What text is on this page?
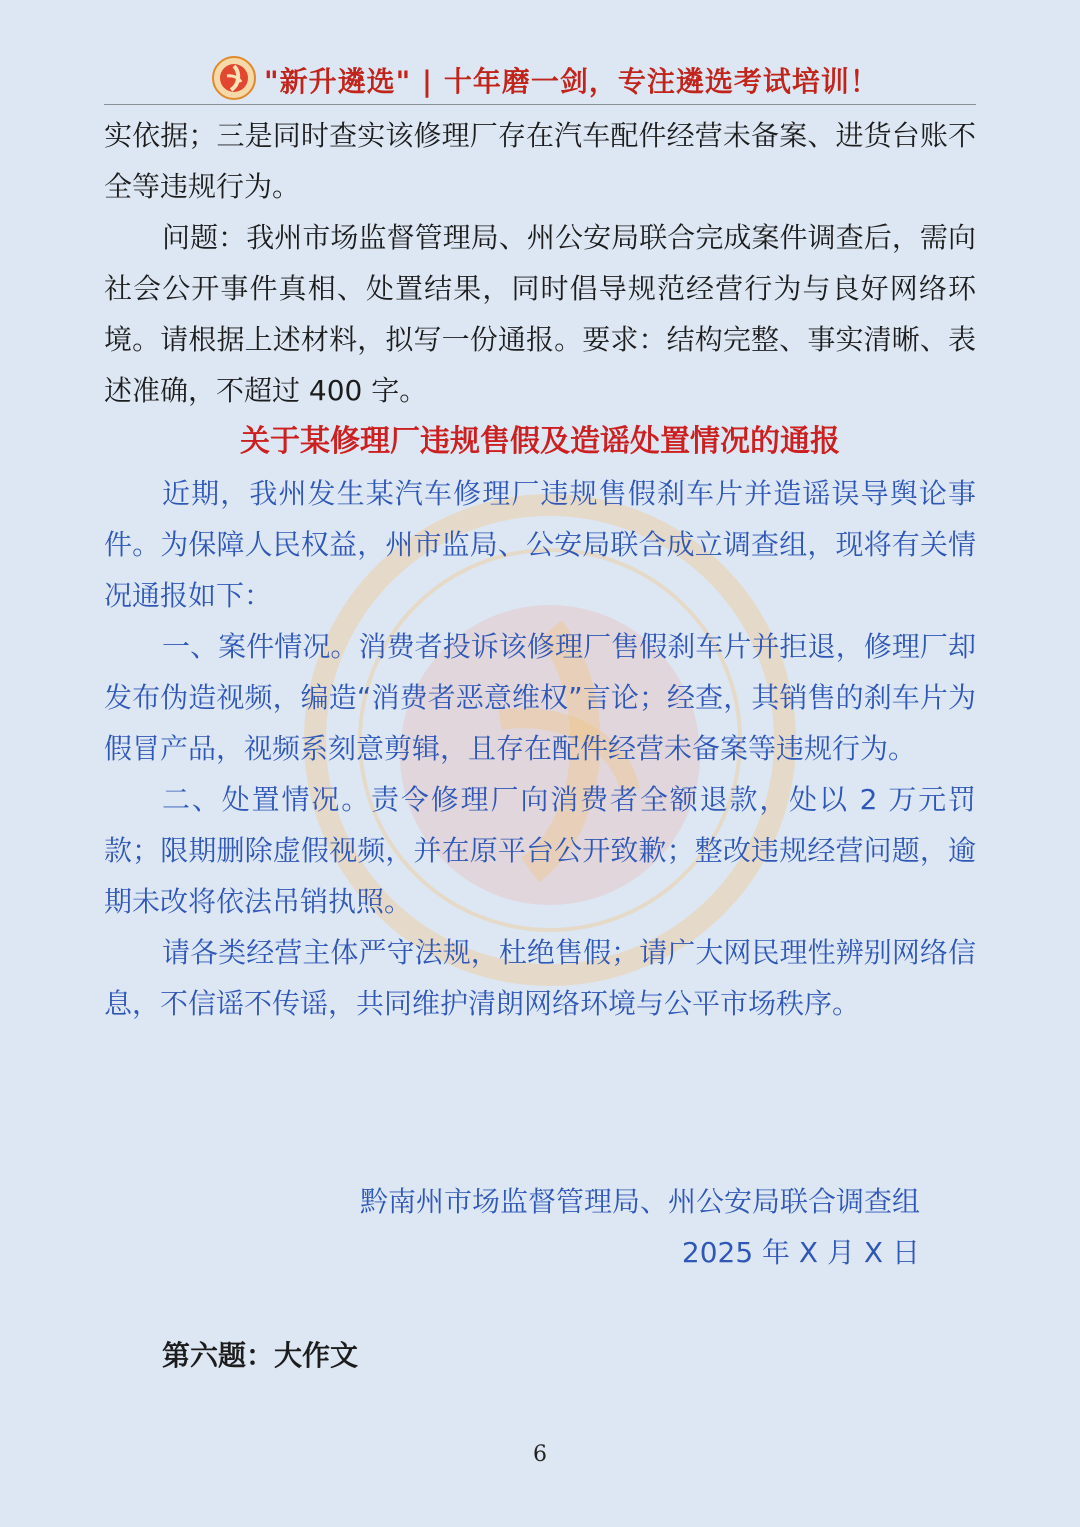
"新升遴选" | 十年磨一剑，专注遴选考试培训！

实依据；三是同时查实该修理厂存在汽车配件经营未备案、进货台账不全等违规行为。

问题：我州市场监督管理局、州公安局联合完成案件调查后，需向社会公开事件真相、处置结果，同时倡导规范经营行为与良好网络环境。请根据上述材料，拟写一份通报。要求：结构完整、事实清晰、表述准确，不超过 400 字。

关于某修理厂违规售假及造谣处置情况的通报

近期，我州发生某汽车修理厂违规售假刹车片并造谣误导舆论事件。为保障人民权益，州市监局、公安局联合成立调查组，现将有关情况通报如下：

一、案件情况。消费者投诉该修理厂售假刹车片并拒退，修理厂却发布伪造视频，编造“消费者恶意维权”言论；经查，其销售的刹车片为假冒产品，视频系刻意剪辑，且存在配件经营未备案等违规行为。

二、处置情况。责令修理厂向消费者全额退款，处以 2 万元罚款；限期删除虚假视频，并在原平台公开致歉；整改违规经营问题，逾期未改将依法吊销执照。

请各类经营主体严守法规，杜绝售假；请广大网民理性辨别网络信息，不信谣不传谣，共同维护清朗网络环境与公平市场秩序。

黔南州市场监督管理局、州公安局联合调查组
2025 年 X 月 X 日
第六题：大作文
6
